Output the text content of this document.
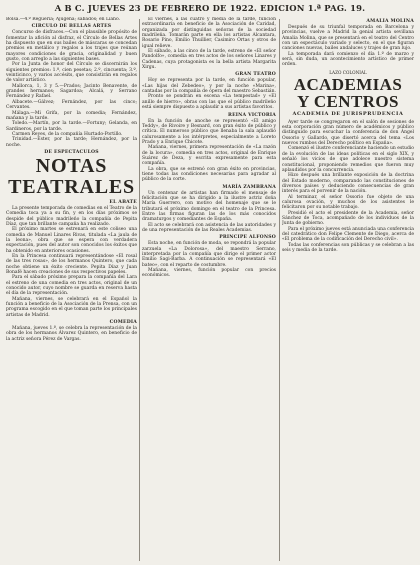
A B C. JUEVES 23 DE FEBRERO DE 1922. EDICION 1.ª PAG. 19.

Bolsa.—4.º Regueria; Ajugena; sabados; en Liaño.

CIRCULO DE BELLAS ARTES

Concurso de disfraces.—Con el plausible propósito de fomentar la afición al disfraz, el Círculo de Bellas Artes ha dispuesto que en sus bailes de máscaras se concedan premios en metálico y regalos a los trajes que reúnan mayores condiciones de gracia, originalidad y buen gusto, con arreglo a las siguientes bases.

Por la Junta de honor del Círculo se discernirán los siguientes premios: 1.º, cien pesetas; 2.º, cincuenta; 3.º, veinticinco, y varios accésits, que consistirán en regalos de valor artístico.

Mallorca, 1, 3 y 5.—Prados; Jacinto Benavente, de grandes hermanos; Sagardoa; Alcalá, y Serrano Fernández y Rafael.

Albacete.—Gálvez; Fernández, por las cinco; Cervantes.

Málaga.—Mi Grifa, por la comedia; Fernández, mañana y la tarde.

Toledo.—Martín, por la tarde.—Fortuny; Gelanda, en Sardineros, por la tarde.

Carmen Reyes, de la compañía Hurtado-Portillo.

Trinidad.—Ester, por la tarde; Hernández, por la noche.

DE ESPECTACULOS
NOTAS TEATRALES
EL ABATE

La presente temporada de comedias en el Teatro de la Comedia toca ya a su fin, y en los días próximos se despide del público madrileño la compañía de Pepita Díaz, que tan brillante campaña ha realizado.

El próximo martes se estrenará en este coliseo una comedia de Manuel Linares Rivas, titulada «La jaula de la leona», obra que se espera con verdadera expectación, pues del autor son conocidos los éxitos que ha obtenido en anteriores ocasiones.

En la Princesa continuará representándose «El rosal de las tres rosas», de los hermanos Quintero, que cada noche obtiene un éxito creciente. Pepita Díaz y Juan Bonafé hacen creaciones de sus respectivos papeles.

Para el sábado próximo prepara la compañía del Lara el estreno de una comedia en tres actos, original de un conocido autor, cuyo nombre se guarda en reserva hasta el día de la representación.

Mañana, viernes, se celebrará en el Español la función a beneficio de la Asociación de la Prensa, con un programa escogido en el que toman parte los principales artistas de Madrid.

COMEDIA

Mañana, jueves 1.º, se celebra la representación de la obra de los hermanos Álvarez Quintero, en beneficio de la actriz señora Pérez de Vargas.

El viernes, a las cuatro y media de la tarde, función extraordinaria en beneficio de la Asociación de Caridad, organizada por distinguidas señoras de la sociedad madrileña. Tomarán parte en ella los artistas Alcantara, Rosario Pino, Emilio Thuillier, Casimiro Ortas y otros de igual relieve.

El sábado, a las cinco de la tarde, estreno de «El señor Pandolfo», comedia en tres actos de los señores Linares y Cadenas, cuya protagonista es la bella artista Margarita Xirgu.

GRAN TEATRO

Hoy se representa por la tarde, en función popular, «Las hijas del Zebedeo», y por la noche «Marina», cantadas por la compañía de ópera del maestro Sebastián.

Pronto se pondrán en escena «La tempestad» y «El anillo de hierro», obras con las que el público madrileño está siempre dispuesto a aplaudir a sus artistas favoritos.

REINA VICTORIA

En la función de anoche se representó «El amigo Teddy», de Rivoire y Besnard, con gran éxito de público y crítica. El numeroso público que llenaba la sala aplaudió calurosamente a los intérpretes, especialmente a Loreto Prado y a Enrique Chicote.

Mañana, viernes, primera representación de «La razón de la locura», comedia en tres actos, original de Enrique Suárez de Deza, y escrita expresamente para esta compañía.

La obra, que se estrenó con gran éxito en provincias, tiene todas las condiciones necesarias para agradar al público de la corte.

MARÍA ZAMBRANA

Un centenar de artistas han firmado el mensaje de felicitación que se ha dirigido a la ilustre actriz doña María Guerrero, con motivo del homenaje que se le tributará el próximo domingo en el teatro de la Princesa. Entre las firmas figuran las de los más conocidos dramaturgos y comediantes de España.

El acto se celebrará con asistencia de las autoridades y de una representación de las Reales Academias.

PRINCIPE ALFONSO

Esta noche, en función de moda, se repondrá la popular zarzuela «La Dolorosa», del maestro Serrano, interpretada por la compañía que dirige el primer actor Emilio Sagi-Barba. A continuación se representará «El bateo», con el reparto de costumbre.

Mañana, viernes, función popular con precios económicos.

AMALIA MOLINA

Después de su triunfal temporada en Barcelona y provincias, vuelve a Madrid la genial artista sevillana Amalia Molina, que se presentará en el teatro del Centro con un espectáculo variado y selecto, en el que figuran canciones nuevas, bailes andaluces y trajes de gran lujo.

La temporada dará comienzo el día 1.º de marzo y será, sin duda, un acontecimiento artístico de primer orden.

LAZO COLONIAL
ACADEMIAS
Y CENTROS
ACADEMIA DE JURISPRUDENCIA

Ayer tarde se congregaron en el salón de sesiones de esta corporación gran número de académicos y público distinguido para escuchar la conferencia de don Ángel Ossorio y Gallardo, que disertó acerca del tema «Los nuevos rumbos del Derecho político en España».

Comenzó el ilustre conferenciante haciendo un estudio de la evolución de las ideas políticas en el siglo XIX, y señaló los vicios de que adolece nuestro sistema constitucional, proponiendo remedios que fueron muy aplaudidos por la concurrencia.

Hizo después una brillante exposición de la doctrina del Estado moderno, comparando las constituciones de diversos países y deduciendo consecuencias de gran interés para el porvenir de la nación.

Al terminar, el señor Ossorio fue objeto de una calurosa ovación, y muchos de los asistentes le felicitaron por su notable trabajo.

Presidió el acto el presidente de la Academia, señor Sánchez de Toca, acompañado de los individuos de la Junta de gobierno.

Para el próximo jueves está anunciada una conferencia del catedrático don Felipe Clemente de Diego, acerca de «El problema de la codificación del Derecho civil».

Todas las conferencias son públicas y se celebran a las seis y media de la tarde.
